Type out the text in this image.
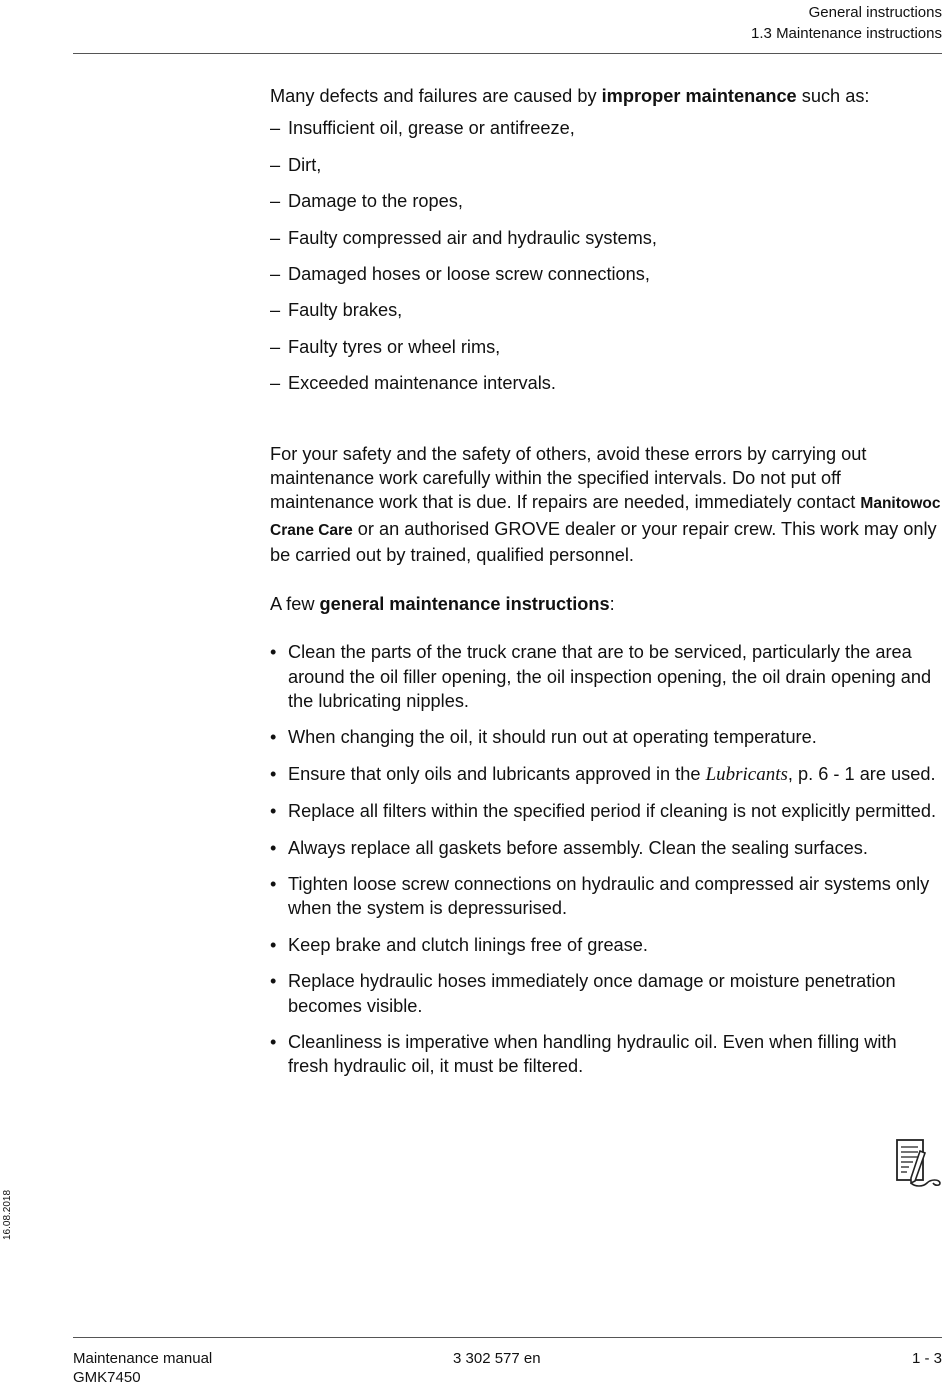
General instructions
1.3 Maintenance instructions

Many defects and failures are caused by improper maintenance such as:

– Insufficient oil, grease or antifreeze,
– Dirt,
– Damage to the ropes,
– Faulty compressed air and hydraulic systems,
– Damaged hoses or loose screw connections,
– Faulty brakes,
– Faulty tyres or wheel rims,
– Exceeded maintenance intervals.

For your safety and the safety of others, avoid these errors by carrying out maintenance work carefully within the specified intervals. Do not put off maintenance work that is due. If repairs are needed, immediately contact Manitowoc Crane Care or an authorised GROVE dealer or your repair crew. This work may only be carried out by trained, qualified personnel.

A few general maintenance instructions:

• Clean the parts of the truck crane that are to be serviced, particularly the area around the oil filler opening, the oil inspection opening, the oil drain opening and the lubricating nipples.
• When changing the oil, it should run out at operating temperature.
• Ensure that only oils and lubricants approved in the Lubricants, p. 6 - 1 are used.
• Replace all filters within the specified period if cleaning is not explicitly permitted.
• Always replace all gaskets before assembly. Clean the sealing surfaces.
• Tighten loose screw connections on hydraulic and compressed air systems only when the system is depressurised.
• Keep brake and clutch linings free of grease.
• Replace hydraulic hoses immediately once damage or moisture penetration becomes visible.
• Cleanliness is imperative when handling hydraulic oil. Even when filling with fresh hydraulic oil, it must be filtered.
16.08.2018
Maintenance manual
GMK7450
3 302 577 en	1 - 3
